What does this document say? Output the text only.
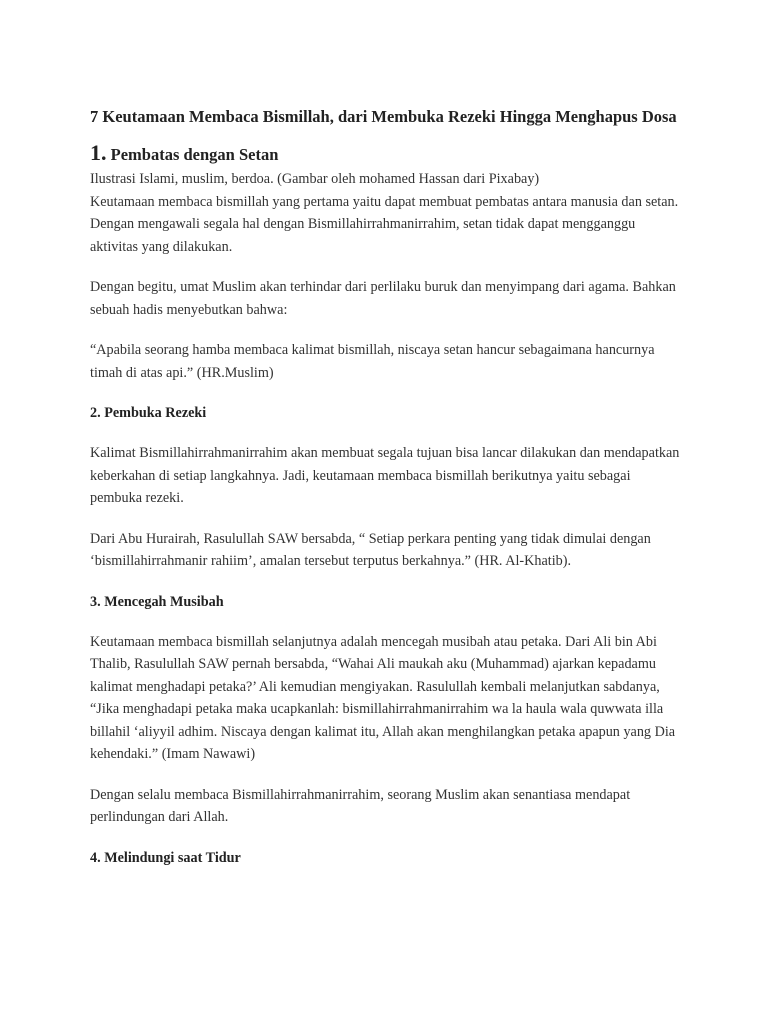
7 Keutamaan Membaca Bismillah, dari Membuka Rezeki Hingga Menghapus Dosa
1. Pembatas dengan Setan
Ilustrasi Islami, muslim, berdoa. (Gambar oleh mohamed Hassan dari Pixabay)
Keutamaan membaca bismillah yang pertama yaitu dapat membuat pembatas antara manusia dan setan. Dengan mengawali segala hal dengan Bismillahirrahmanirrahim, setan tidak dapat mengganggu aktivitas yang dilakukan.
Dengan begitu, umat Muslim akan terhindar dari perlilaku buruk dan menyimpang dari agama. Bahkan sebuah hadis menyebutkan bahwa:
“Apabila seorang hamba membaca kalimat bismillah, niscaya setan hancur sebagaimana hancurnya timah di atas api.” (HR.Muslim)
2. Pembuka Rezeki
Kalimat Bismillahirrahmanirrahim akan membuat segala tujuan bisa lancar dilakukan dan mendapatkan keberkahan di setiap langkahnya. Jadi, keutamaan membaca bismillah berikutnya yaitu sebagai pembuka rezeki.
Dari Abu Hurairah, Rasulullah SAW bersabda, “ Setiap perkara penting yang tidak dimulai dengan ‘bismillahirrahmanir rahiim’, amalan tersebut terputus berkahnya.” (HR. Al-Khatib).
3. Mencegah Musibah
Keutamaan membaca bismillah selanjutnya adalah mencegah musibah atau petaka. Dari Ali bin Abi Thalib, Rasulullah SAW pernah bersabda, “Wahai Ali maukah aku (Muhammad) ajarkan kepadamu kalimat menghadapi petaka?’ Ali kemudian mengiyakan. Rasulullah kembali melanjutkan sabdanya, “Jika menghadapi petaka maka ucapkanlah: bismillahirrahmanirrahim wa la haula wala quwwata illa billahil ‘aliyyil adhim. Niscaya dengan kalimat itu, Allah akan menghilangkan petaka apapun yang Dia kehendaki.” (Imam Nawawi)
Dengan selalu membaca Bismillahirrahmanirrahim, seorang Muslim akan senantiasa mendapat perlindungan dari Allah.
4. Melindungi saat Tidur
